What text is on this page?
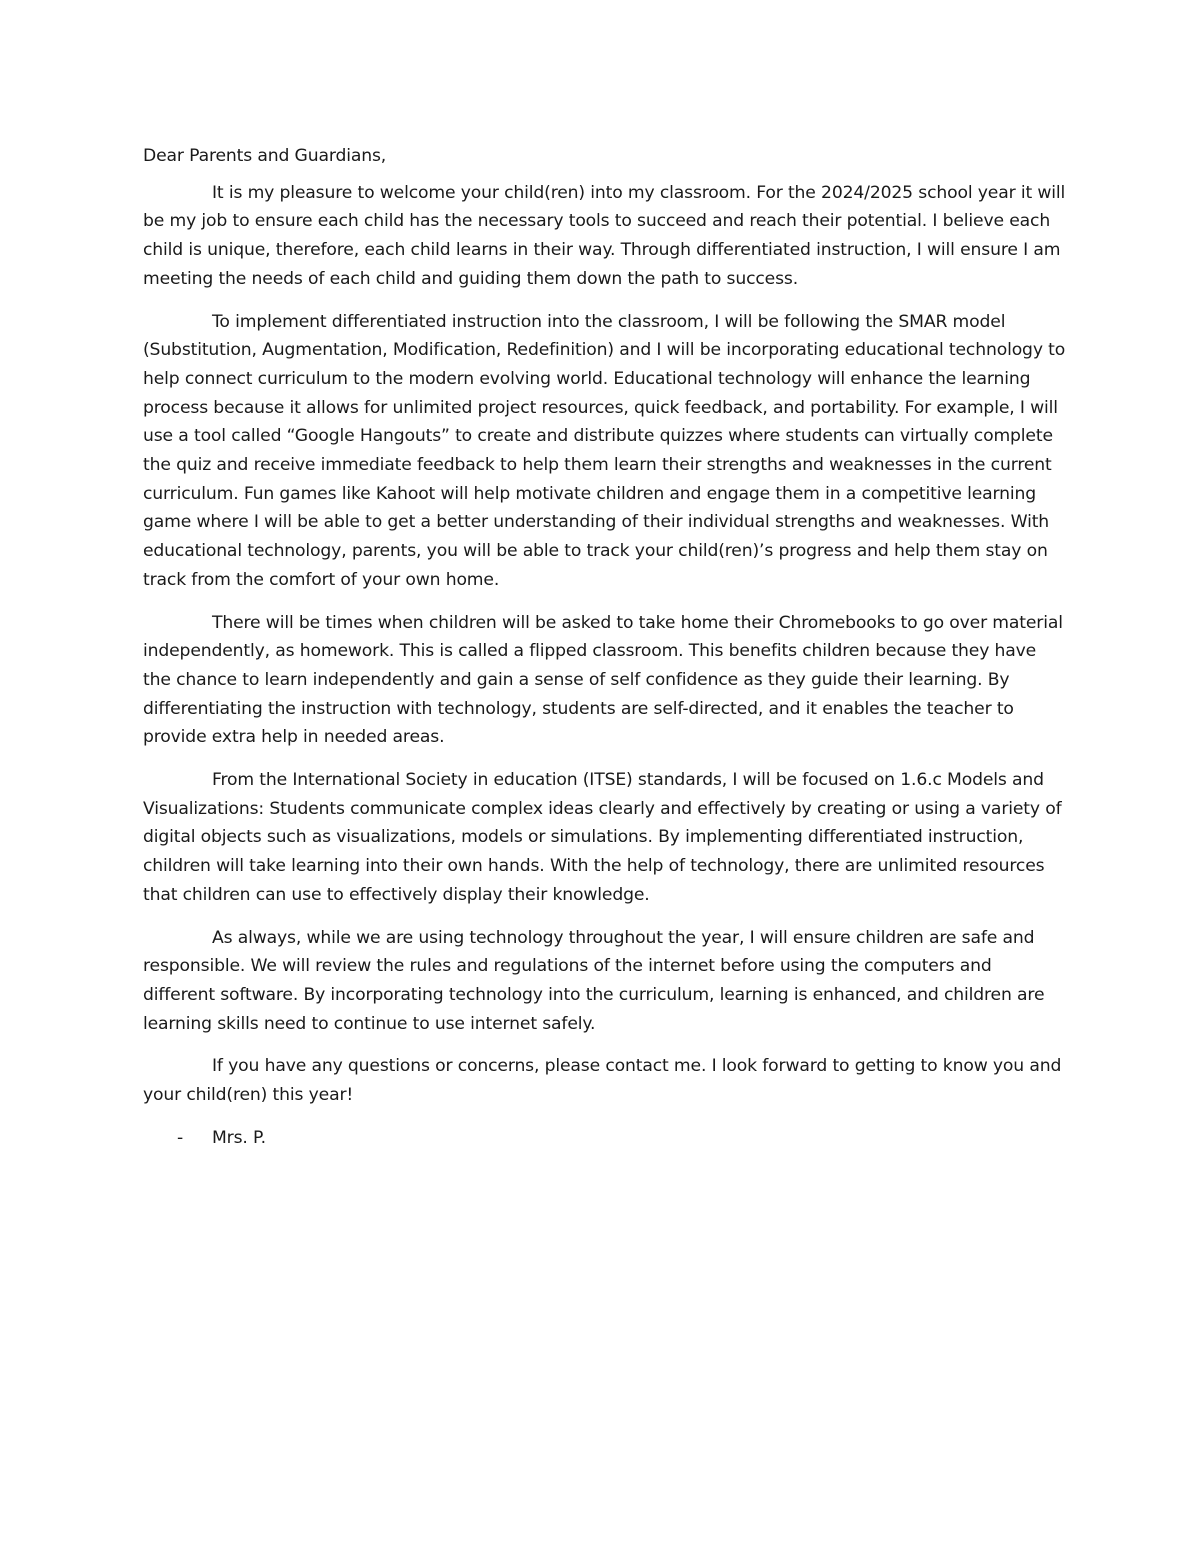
Dear Parents and Guardians,

It is my pleasure to welcome your child(ren) into my classroom. For the 2024/2025 school year it will be my job to ensure each child has the necessary tools to succeed and reach their potential. I believe each child is unique, therefore, each child learns in their way. Through differentiated instruction, I will ensure I am meeting the needs of each child and guiding them down the path to success.

To implement differentiated instruction into the classroom, I will be following the SMAR model (Substitution, Augmentation, Modification, Redefinition) and I will be incorporating educational technology to help connect curriculum to the modern evolving world. Educational technology will enhance the learning process because it allows for unlimited project resources, quick feedback, and portability. For example, I will use a tool called “Google Hangouts” to create and distribute quizzes where students can virtually complete the quiz and receive immediate feedback to help them learn their strengths and weaknesses in the current curriculum. Fun games like Kahoot will help motivate children and engage them in a competitive learning game where I will be able to get a better understanding of their individual strengths and weaknesses. With educational technology, parents, you will be able to track your child(ren)’s progress and help them stay on track from the comfort of your own home.

There will be times when children will be asked to take home their Chromebooks to go over material independently, as homework. This is called a flipped classroom. This benefits children because they have the chance to learn independently and gain a sense of self confidence as they guide their learning. By differentiating the instruction with technology, students are self-directed, and it enables the teacher to provide extra help in needed areas.

From the International Society in education (ITSE) standards, I will be focused on 1.6.c Models and Visualizations: Students communicate complex ideas clearly and effectively by creating or using a variety of digital objects such as visualizations, models or simulations. By implementing differentiated instruction, children will take learning into their own hands. With the help of technology, there are unlimited resources that children can use to effectively display their knowledge.

As always, while we are using technology throughout the year, I will ensure children are safe and responsible. We will review the rules and regulations of the internet before using the computers and different software. By incorporating technology into the curriculum, learning is enhanced, and children are learning skills need to continue to use internet safely.

If you have any questions or concerns, please contact me. I look forward to getting to know you and your child(ren) this year!

-	Mrs. P.
